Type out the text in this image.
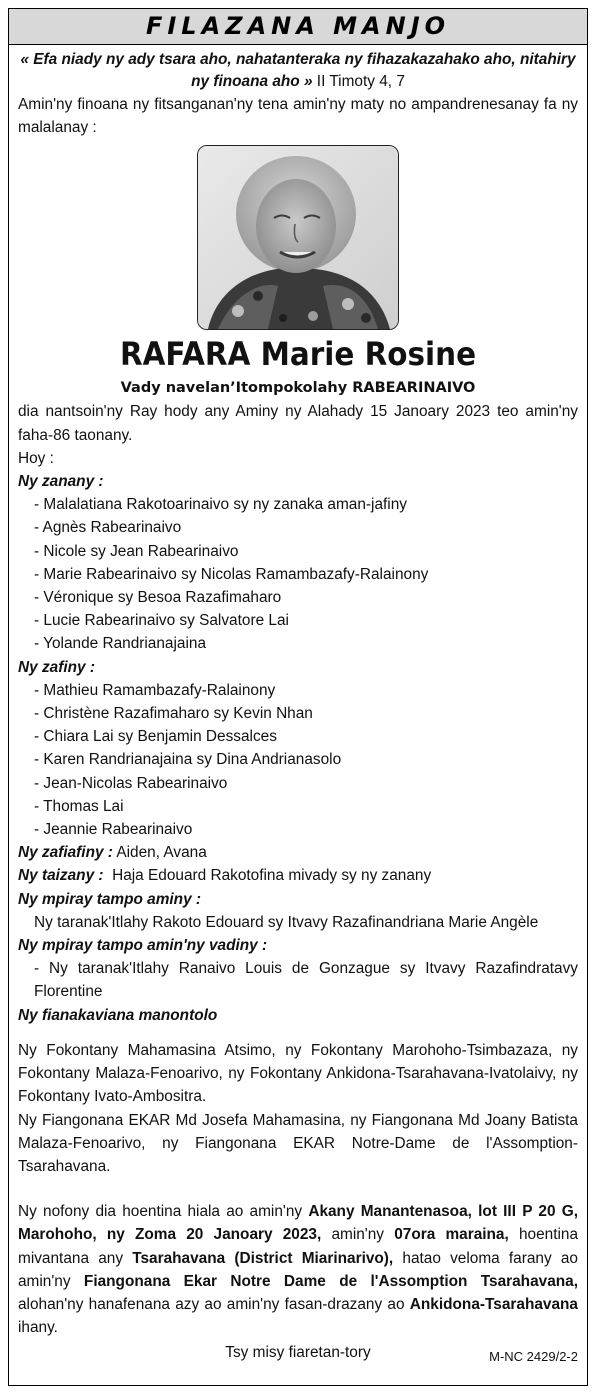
FILAZANA MANJO
« Efa niady ny ady tsara aho, nahatanteraka ny fihazakazahako aho, nitahiry ny finoana aho » II Timoty 4, 7

Amin'ny finoana ny fitsanganan'ny tena amin'ny maty no ampandrenesanay fa ny malalanay :

RAFARA Marie Rosine
Vady navelan’Itompokolahy RABEARINAIVO

dia nantsoin'ny Ray hody any Aminy ny Alahady 15 Janoary 2023 teo amin'ny faha-86 taonany.

Hoy :

Ny zanany :

- Malalatiana Rakotoarinaivo sy ny zanaka aman-jafiny
- Agnès Rabearinaivo
- Nicole sy Jean Rabearinaivo
- Marie Rabearinaivo sy Nicolas Ramambazafy-Ralainony
- Véronique sy Besoa Razafimaharo
- Lucie Rabearinaivo sy Salvatore Lai
- Yolande Randrianajaina

Ny zafiny :

- Mathieu Ramambazafy-Ralainony
- Christène Razafimaharo sy Kevin Nhan
- Chiara Lai sy Benjamin Dessalces
- Karen Randrianajaina sy Dina Andrianasolo
- Jean-Nicolas Rabearinaivo
- Thomas Lai
- Jeannie Rabearinaivo

Ny zafiafiny : Aiden, Avana

Ny taizany :  Haja Edouard Rakotofina mivady sy ny zanany

Ny mpiray tampo aminy :

Ny taranak'Itlahy Rakoto Edouard sy Itvavy Razafinandriana Marie Angèle

Ny mpiray tampo amin'ny vadiny :

- Ny taranak'Itlahy Ranaivo Louis de Gonzague sy Itvavy Razafindratavy Florentine

Ny fianakaviana manontolo

Ny Fokontany Mahamasina Atsimo, ny Fokontany Marohoho-Tsimbazaza, ny Fokontany Malaza-Fenoarivo, ny Fokontany Ankidona-Tsarahavana-Ivatolaivy, ny Fokontany Ivato-Ambositra.

Ny Fiangonana EKAR Md Josefa Mahamasina, ny Fiangonana Md Joany Batista Malaza-Fenoarivo, ny Fiangonana EKAR Notre-Dame de l'Assomption-Tsarahavana.

Ny nofony dia hoentina hiala ao amin'ny Akany Manantenasoa, lot III P 20 G, Marohoho, ny Zoma 20 Janoary 2023, amin'ny 07ora maraina, hoentina mivantana any Tsarahavana (District Miarinarivo), hatao veloma farany ao amin'ny Fiangonana Ekar Notre Dame de l'Assomption Tsarahavana, alohan'ny hanafenana azy ao amin'ny fasan-drazany ao Ankidona-Tsarahavana ihany.

Tsy misy fiaretan-tory	M-NC 2429/2-2
